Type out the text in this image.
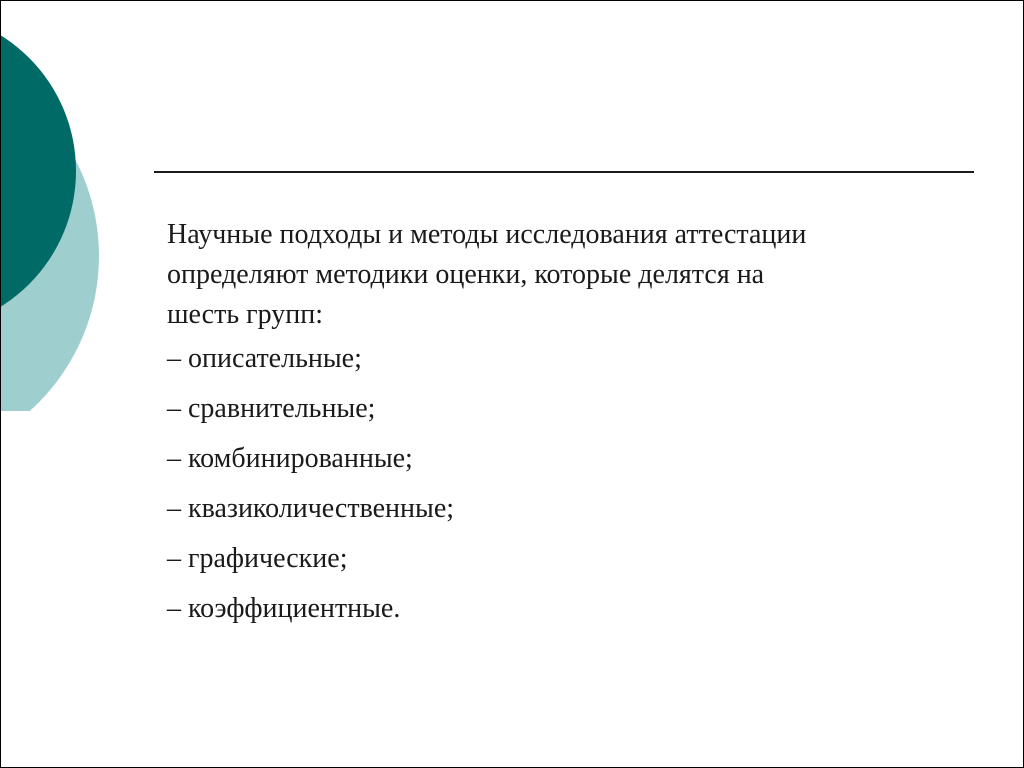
Научные подходы и методы исследования аттестации
определяют методики оценки, которые делятся на
шесть групп:

– описательные;
– сравнительные;
– комбинированные;
– квазиколичественные;
– графические;
– коэффициентные.
